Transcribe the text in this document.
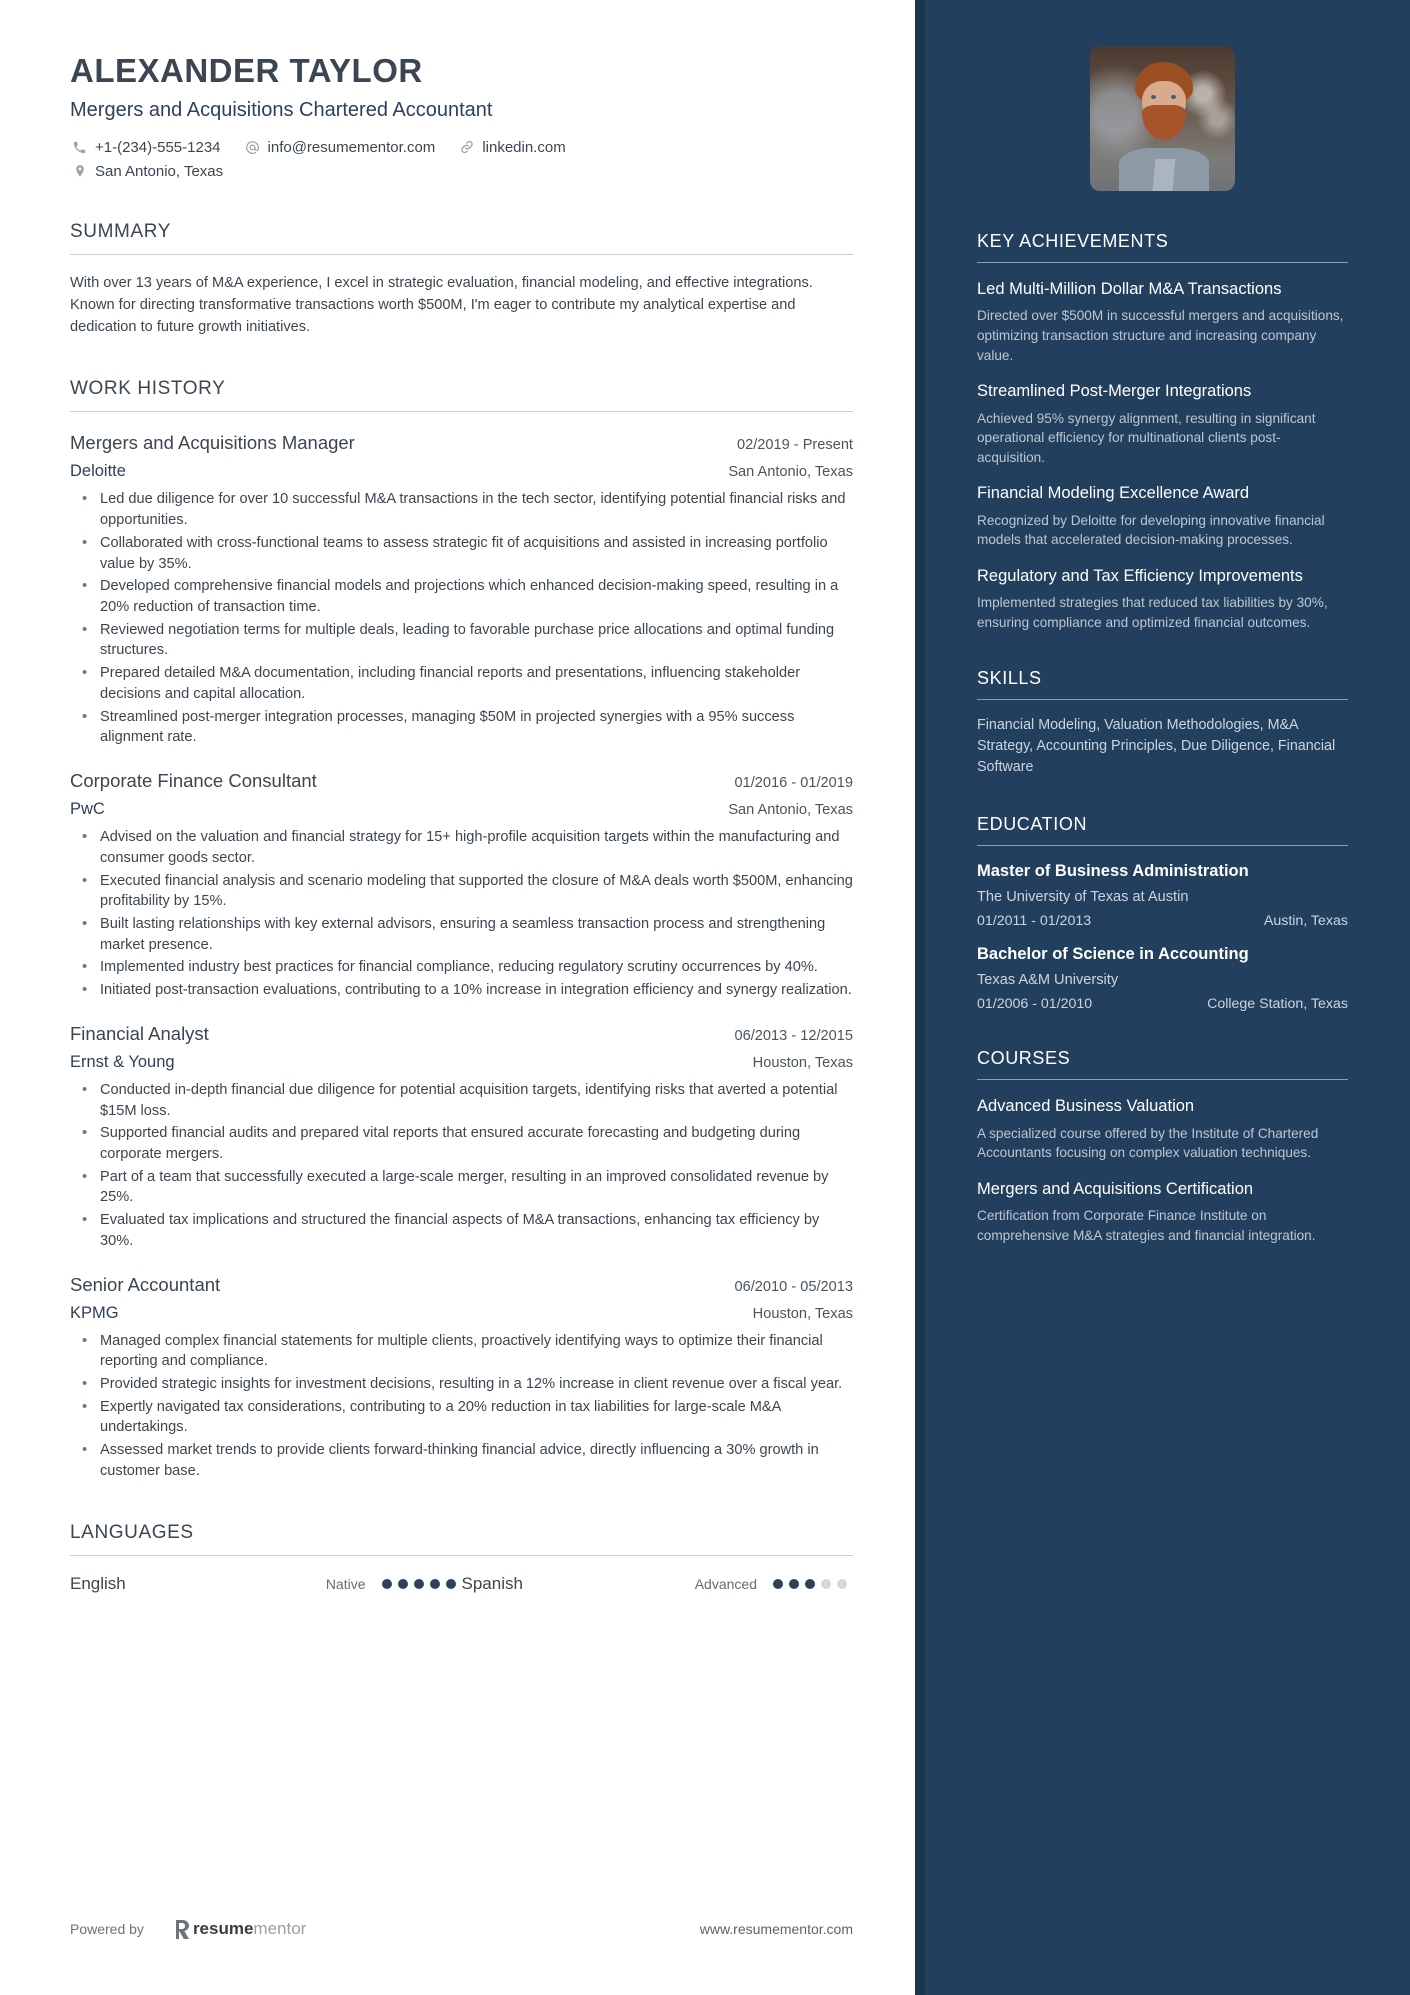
ALEXANDER TAYLOR
Mergers and Acquisitions Chartered Accountant
+1-(234)-555-1234	info@resumementor.com	linkedin.com
San Antonio, Texas
SUMMARY
With over 13 years of M&A experience, I excel in strategic evaluation, financial modeling, and effective integrations. Known for directing transformative transactions worth $500M, I'm eager to contribute my analytical expertise and dedication to future growth initiatives.
WORK HISTORY
Mergers and Acquisitions Manager	02/2019 - Present
Deloitte	San Antonio, Texas
• Led due diligence for over 10 successful M&A transactions in the tech sector, identifying potential financial risks and opportunities.
• Collaborated with cross-functional teams to assess strategic fit of acquisitions and assisted in increasing portfolio value by 35%.
• Developed comprehensive financial models and projections which enhanced decision-making speed, resulting in a 20% reduction of transaction time.
• Reviewed negotiation terms for multiple deals, leading to favorable purchase price allocations and optimal funding structures.
• Prepared detailed M&A documentation, including financial reports and presentations, influencing stakeholder decisions and capital allocation.
• Streamlined post-merger integration processes, managing $50M in projected synergies with a 95% success alignment rate.
Corporate Finance Consultant	01/2016 - 01/2019
PwC	San Antonio, Texas
• Advised on the valuation and financial strategy for 15+ high-profile acquisition targets within the manufacturing and consumer goods sector.
• Executed financial analysis and scenario modeling that supported the closure of M&A deals worth $500M, enhancing profitability by 15%.
• Built lasting relationships with key external advisors, ensuring a seamless transaction process and strengthening market presence.
• Implemented industry best practices for financial compliance, reducing regulatory scrutiny occurrences by 40%.
• Initiated post-transaction evaluations, contributing to a 10% increase in integration efficiency and synergy realization.
Financial Analyst	06/2013 - 12/2015
Ernst & Young	Houston, Texas
• Conducted in-depth financial due diligence for potential acquisition targets, identifying risks that averted a potential $15M loss.
• Supported financial audits and prepared vital reports that ensured accurate forecasting and budgeting during corporate mergers.
• Part of a team that successfully executed a large-scale merger, resulting in an improved consolidated revenue by 25%.
• Evaluated tax implications and structured the financial aspects of M&A transactions, enhancing tax efficiency by 30%.
Senior Accountant	06/2010 - 05/2013
KPMG	Houston, Texas
• Managed complex financial statements for multiple clients, proactively identifying ways to optimize their financial reporting and compliance.
• Provided strategic insights for investment decisions, resulting in a 12% increase in client revenue over a fiscal year.
• Expertly navigated tax considerations, contributing to a 20% reduction in tax liabilities for large-scale M&A undertakings.
• Assessed market trends to provide clients forward-thinking financial advice, directly influencing a 30% growth in customer base.
LANGUAGES
English	Native	Spanish	Advanced
Powered by	resume mentor	www.resumementor.com
KEY ACHIEVEMENTS
Led Multi-Million Dollar M&A Transactions
Directed over $500M in successful mergers and acquisitions, optimizing transaction structure and increasing company value.
Streamlined Post-Merger Integrations
Achieved 95% synergy alignment, resulting in significant operational efficiency for multinational clients post-acquisition.
Financial Modeling Excellence Award
Recognized by Deloitte for developing innovative financial models that accelerated decision-making processes.
Regulatory and Tax Efficiency Improvements
Implemented strategies that reduced tax liabilities by 30%, ensuring compliance and optimized financial outcomes.
SKILLS
Financial Modeling, Valuation Methodologies, M&A Strategy, Accounting Principles, Due Diligence, Financial Software
EDUCATION
Master of Business Administration
The University of Texas at Austin
01/2011 - 01/2013	Austin, Texas
Bachelor of Science in Accounting
Texas A&M University
01/2006 - 01/2010	College Station, Texas
COURSES
Advanced Business Valuation
A specialized course offered by the Institute of Chartered Accountants focusing on complex valuation techniques.
Mergers and Acquisitions Certification
Certification from Corporate Finance Institute on comprehensive M&A strategies and financial integration.
